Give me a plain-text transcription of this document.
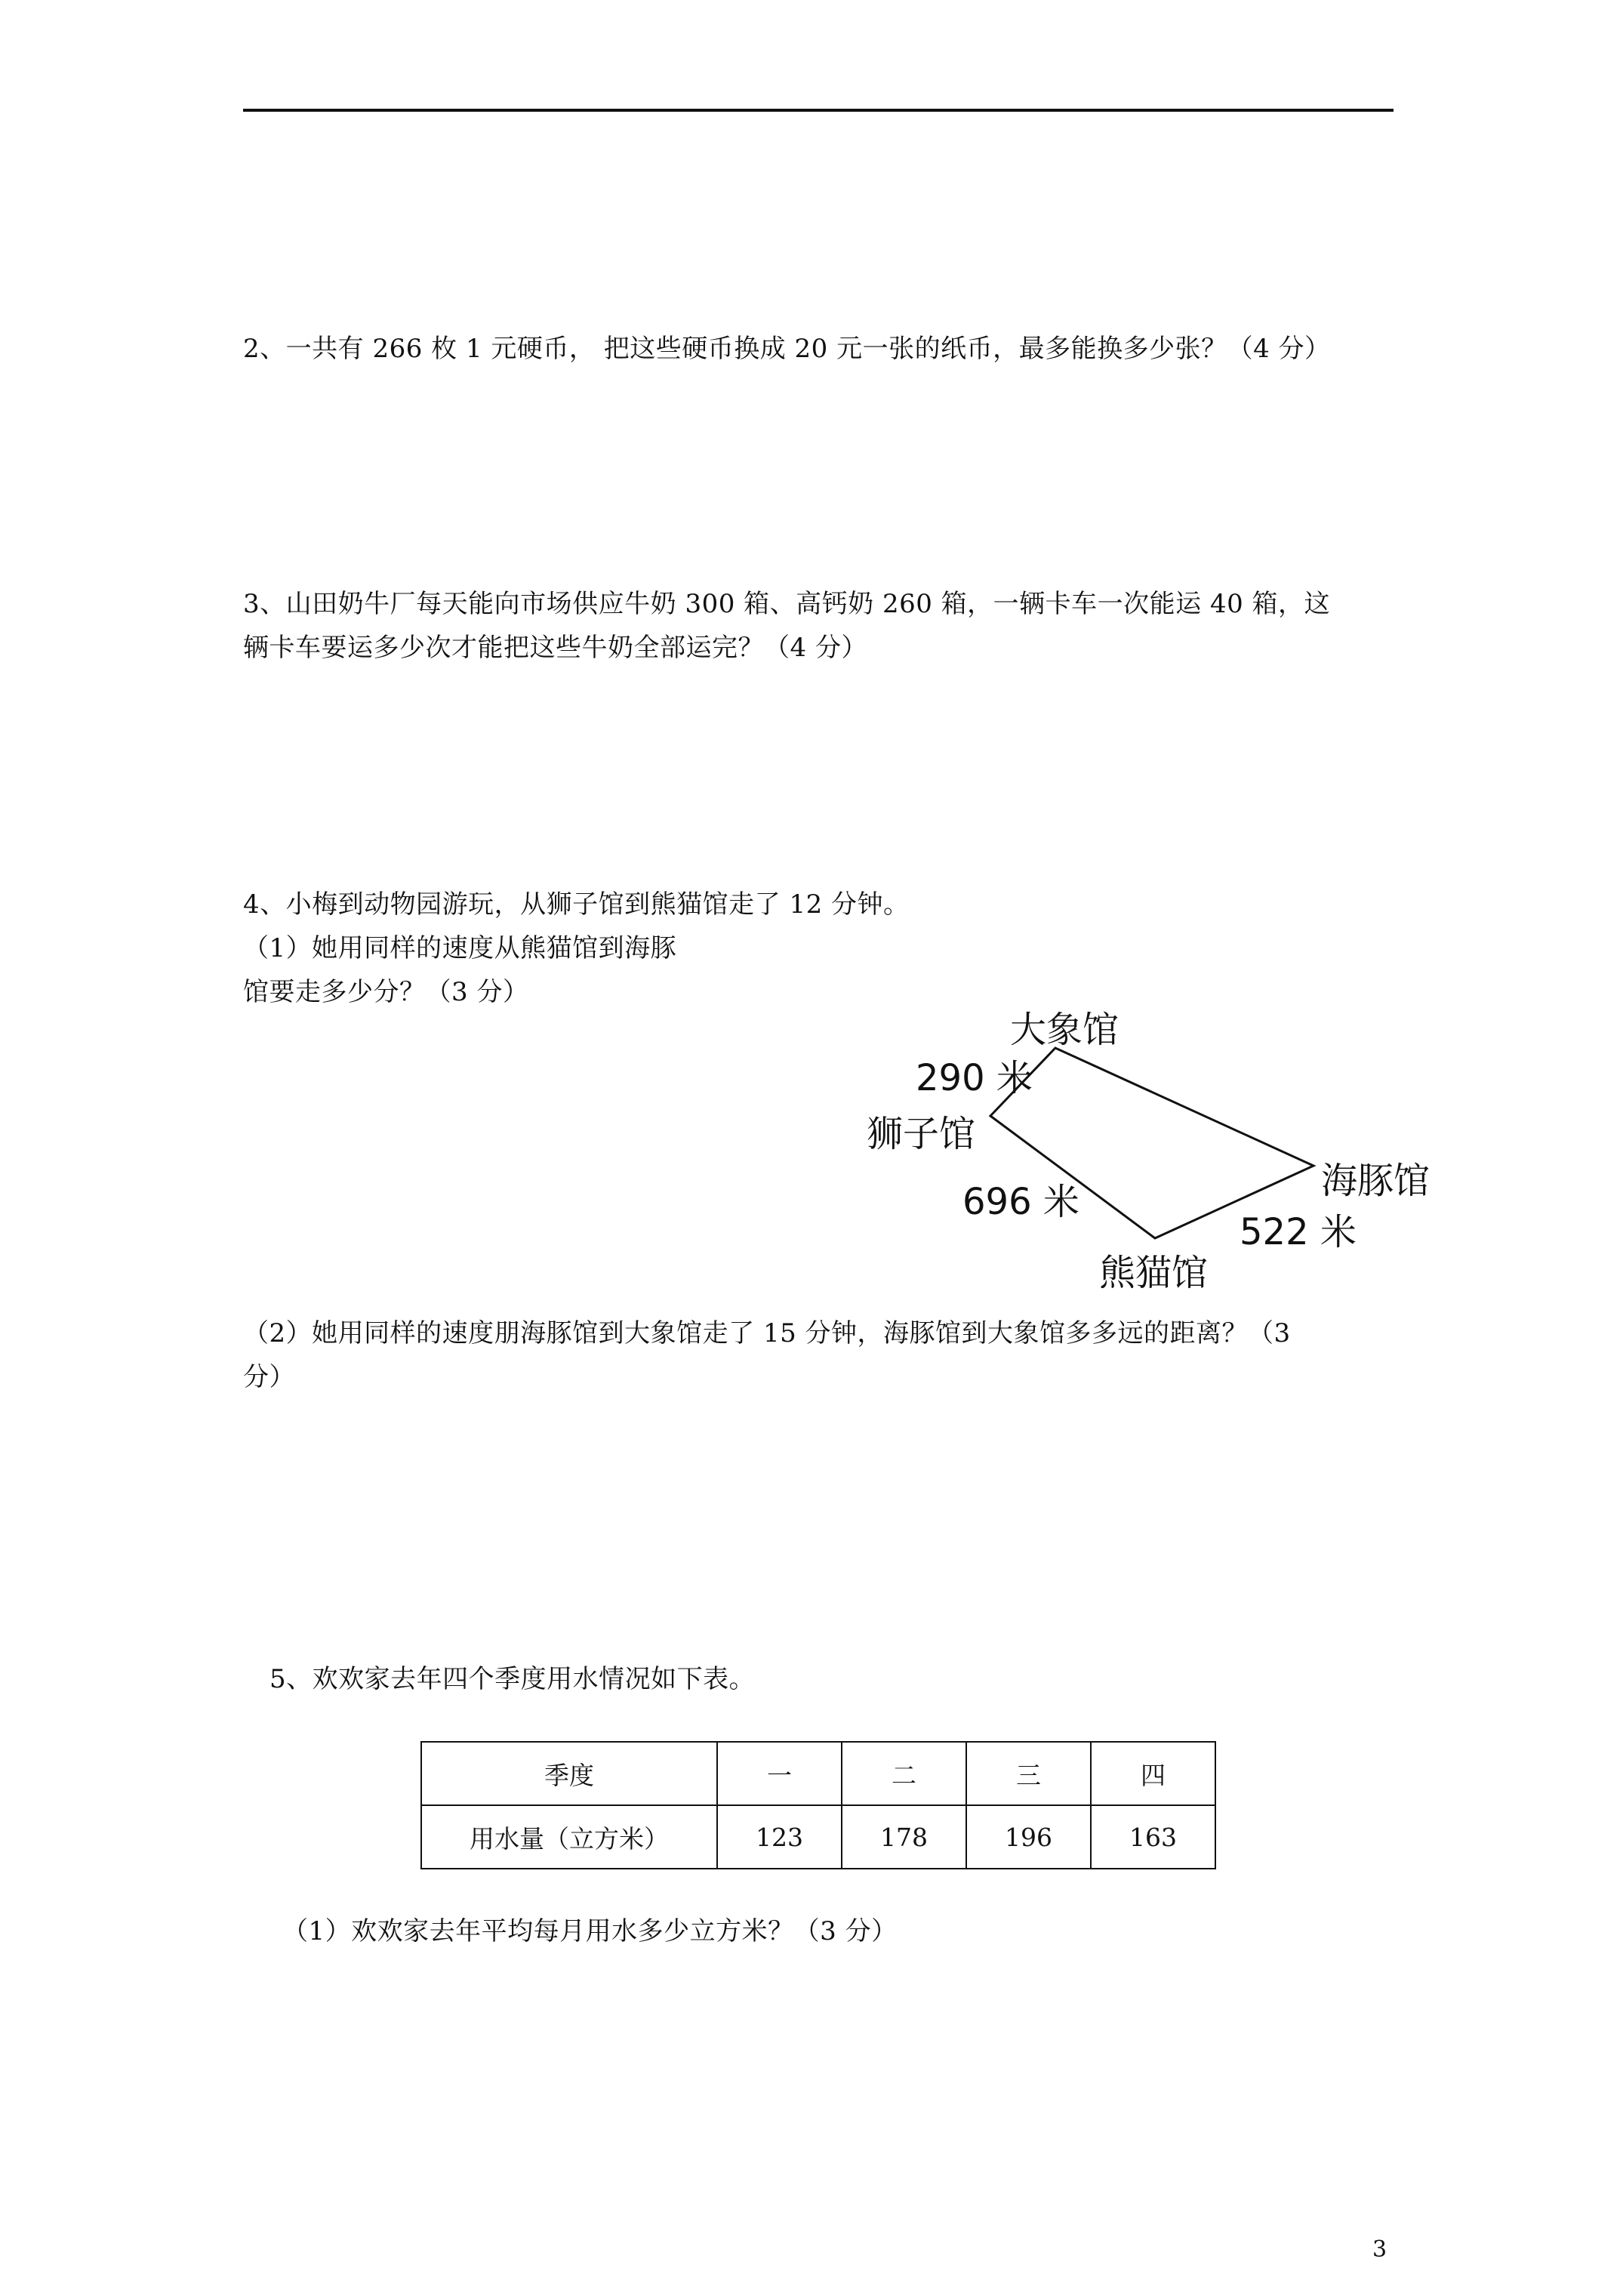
2、一共有 266 枚 1 元硬币， 把这些硬币换成 20 元一张的纸币，最多能换多少张？（4 分）
3、山田奶牛厂每天能向市场供应牛奶 300 箱、高钙奶 260 箱，一辆卡车一次能运 40 箱，这
辆卡车要运多少次才能把这些牛奶全部运完？（4 分）
4、小梅到动物园游玩，从狮子馆到熊猫馆走了 12 分钟。
（1）她用同样的速度从熊猫馆到海豚
馆要走多少分？（3 分）
大象馆
290 米
狮子馆
海豚馆
696 米
522 米
熊猫馆
（2）她用同样的速度朋海豚馆到大象馆走了 15 分钟，海豚馆到大象馆多多远的距离？（3
分）
5、欢欢家去年四个季度用水情况如下表。
季度	一	二	三	四
用水量（立方米）	123	178	196	163
（1）欢欢家去年平均每月用水多少立方米？（3 分）
3
